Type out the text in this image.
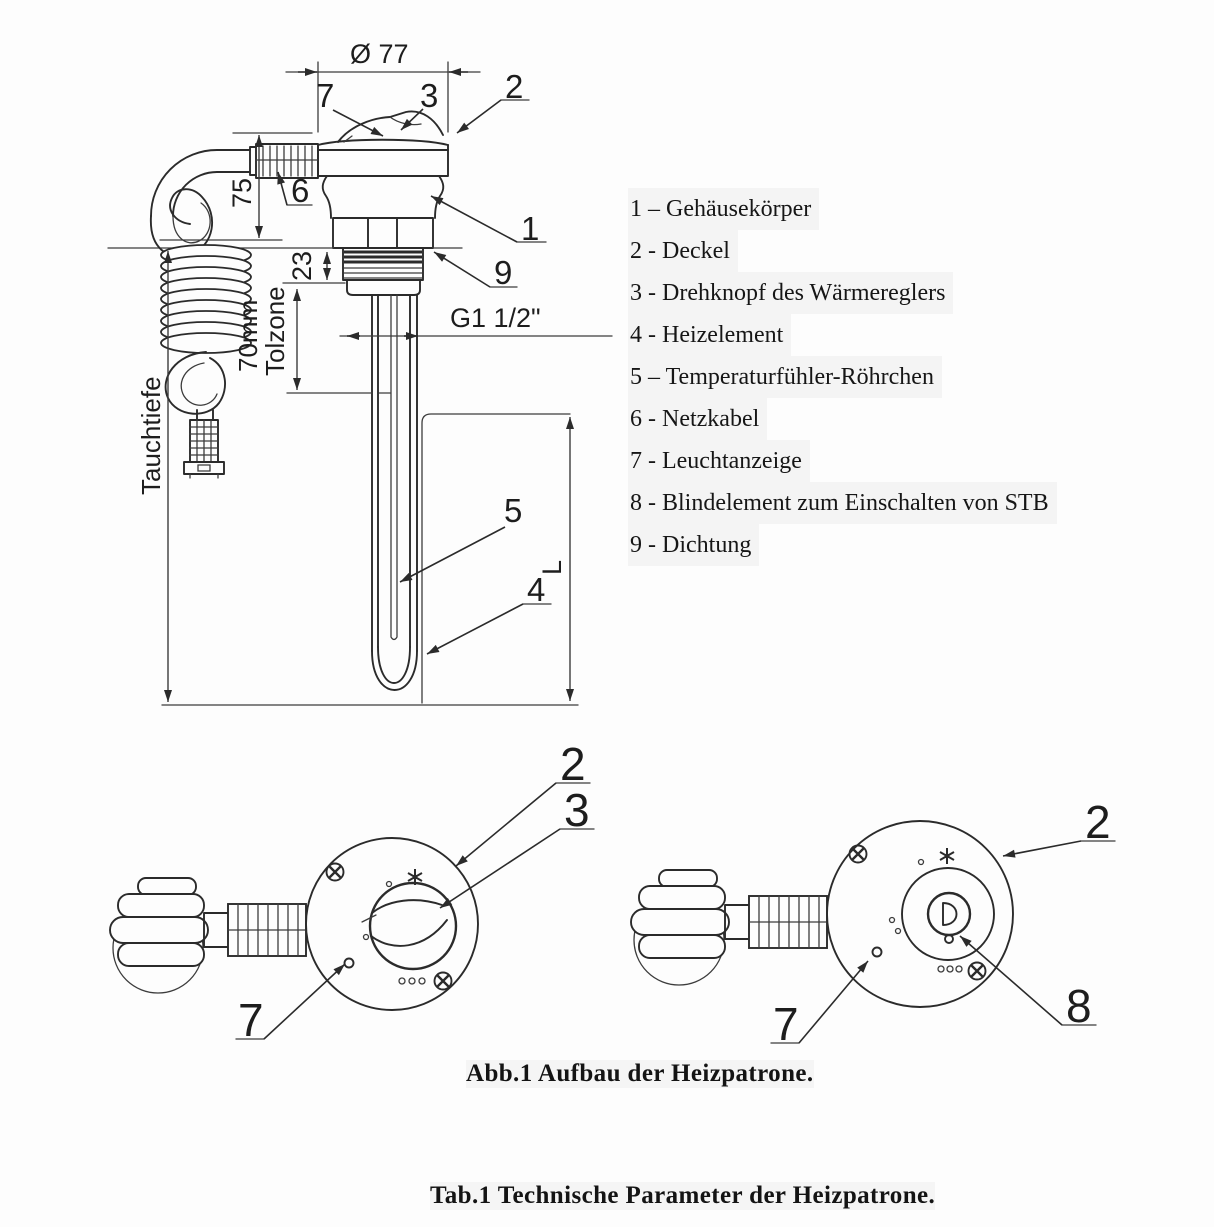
Ø 77
75
Tauchtiefe
23
70mm
Tolzone	G1 1/2"
L
7	3 2
6
1
9
5
4
2
3
7
2
8
7
1 – Gehäusekörper
2 - Deckel
3 - Drehknopf des Wärmereglers
4 - Heizelement
5 – Temperaturfühler-Röhrchen
6 - Netzkabel
7 - Leuchtanzeige
8 - Blindelement zum Einschalten von STB
9 - Dichtung
Abb.1 Aufbau der Heizpatrone.
Tab.1 Technische Parameter der Heizpatrone.
